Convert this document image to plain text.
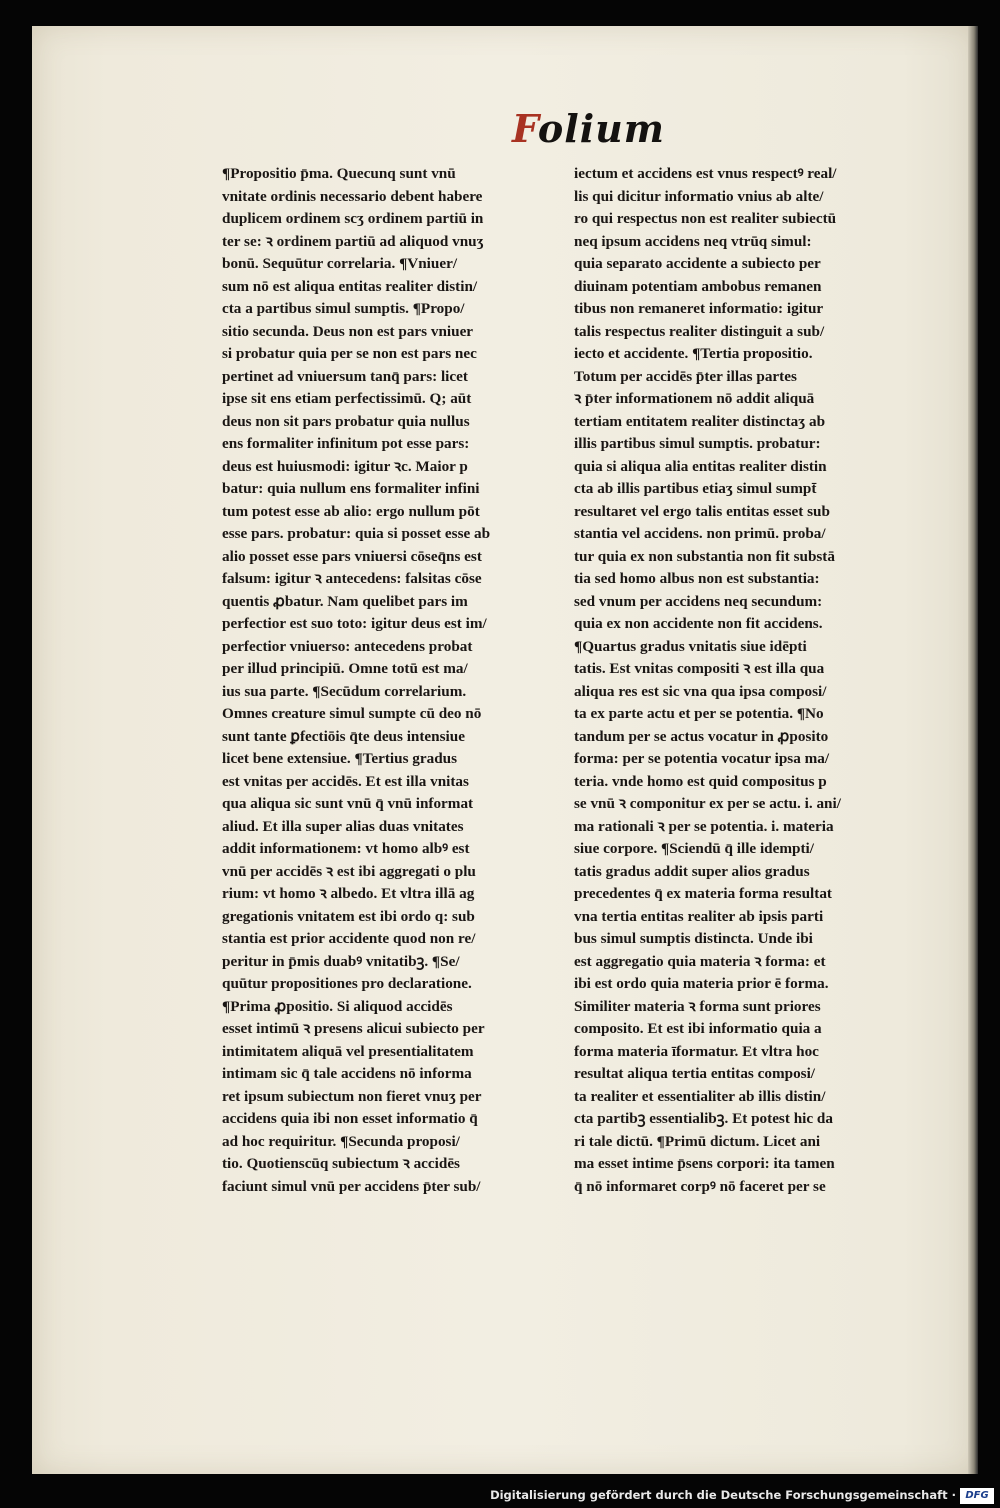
Folium
¶Propositio p̄ma. Quecunq sunt vnū
vnitate ordinis necessario debent habere
duplicem ordinem scʒ ordinem partiū in
ter se: ꝛ ordinem partiū ad aliquod vnuʒ
bonū. Sequūtur correlaria. ¶Vniuer/
sum nō est aliqua entitas realiter distin/
cta a partibus simul sumptis. ¶Propo/
sitio secunda. Deus non est pars vniuer
si probatur quia per se non est pars nec
pertinet ad vniuersum tanq̄ pars: licet
ipse sit ens etiam perfectissimū. Q; aūt
deus non sit pars probatur quia nullus
ens formaliter infinitum pot esse pars:
deus est huiusmodi: igitur ꝛc. Maior p
batur: quia nullum ens formaliter infini
tum potest esse ab alio: ergo nullum pōt
esse pars. probatur: quia si posset esse ab
alio posset esse pars vniuersi cōseq̄ns est
falsum: igitur ꝛ antecedens: falsitas cōse
quentis ꝓbatur. Nam quelibet pars im
perfectior est suo toto: igitur deus est im/
perfectior vniuerso: antecedens probat
per illud principiū. Omne totū est ma/
ius sua parte. ¶Secūdum correlarium.
Omnes creature simul sumpte cū deo nō
sunt tante ꝑfectiōis q̄te deus intensiue
licet bene extensiue. ¶Tertius gradus
est vnitas per accidēs. Et est illa vnitas
qua aliqua sic sunt vnū q̄ vnū informat
aliud. Et illa super alias duas vnitates
addit informationem: vt homo albꝰ est
vnū per accidēs ꝛ est ibi aggregati o plu
rium: vt homo ꝛ albedo. Et vltra illā ag
gregationis vnitatem est ibi ordo q: sub
stantia est prior accidente quod non re/
peritur in p̄mis duabꝰ vnitatibꝫ. ¶Se/
quūtur propositiones pro declaratione.
¶Prima ꝓpositio. Si aliquod accidēs
esset intimū ꝛ presens alicui subiecto per
intimitatem aliquā vel presentialitatem
intimam sic q̄ tale accidens nō informa
ret ipsum subiectum non fieret vnuʒ per
accidens quia ibi non esset informatio q̄
ad hoc requiritur. ¶Secunda proposi/
tio. Quotienscūq subiectum ꝛ accidēs
faciunt simul vnū per accidens p̄ter sub/
iectum et accidens est vnus respectꝰ real/
lis qui dicitur informatio vnius ab alte/
ro qui respectus non est realiter subiectū
neq ipsum accidens neq vtrūq simul:
quia separato accidente a subiecto per
diuinam potentiam ambobus remanen
tibus non remaneret informatio: igitur
talis respectus realiter distinguit a sub/
iecto et accidente. ¶Tertia propositio.
Totum per accidēs p̄ter illas partes
ꝛ p̄ter informationem nō addit aliquā
tertiam entitatem realiter distinctaʒ ab
illis partibus simul sumptis. probatur:
quia si aliqua alia entitas realiter distin
cta ab illis partibus etiaʒ simul sumpt̄
resultaret vel ergo talis entitas esset sub
stantia vel accidens. non primū. proba/
tur quia ex non substantia non fit substā
tia sed homo albus non est substantia:
sed vnum per accidens neq secundum:
quia ex non accidente non fit accidens.
¶Quartus gradus vnitatis siue idēpti
tatis. Est vnitas compositi ꝛ est illa qua
aliqua res est sic vna qua ipsa composi/
ta ex parte actu et per se potentia. ¶No
tandum per se actus vocatur in ꝓposito
forma: per se potentia vocatur ipsa ma/
teria. vnde homo est quid compositus p
se vnū ꝛ componitur ex per se actu. i. ani/
ma rationali ꝛ per se potentia. i. materia
siue corpore. ¶Sciendū q̄ ille idempti/
tatis gradus addit super alios gradus
precedentes q̄ ex materia forma resultat
vna tertia entitas realiter ab ipsis parti
bus simul sumptis distincta. Unde ibi
est aggregatio quia materia ꝛ forma: et
ibi est ordo quia materia prior ē forma.
Similiter materia ꝛ forma sunt priores
composito. Et est ibi informatio quia a
forma materia īformatur. Et vltra hoc
resultat aliqua tertia entitas composi/
ta realiter et essentialiter ab illis distin/
cta partibꝫ essentialibꝫ. Et potest hic da
ri tale dictū. ¶Primū dictum. Licet ani
ma esset intime p̄sens corpori: ita tamen
q̄ nō informaret corpꝰ nō faceret per se
Digitalisierung gefördert durch die Deutsche Forschungsgemeinschaft · DFG
